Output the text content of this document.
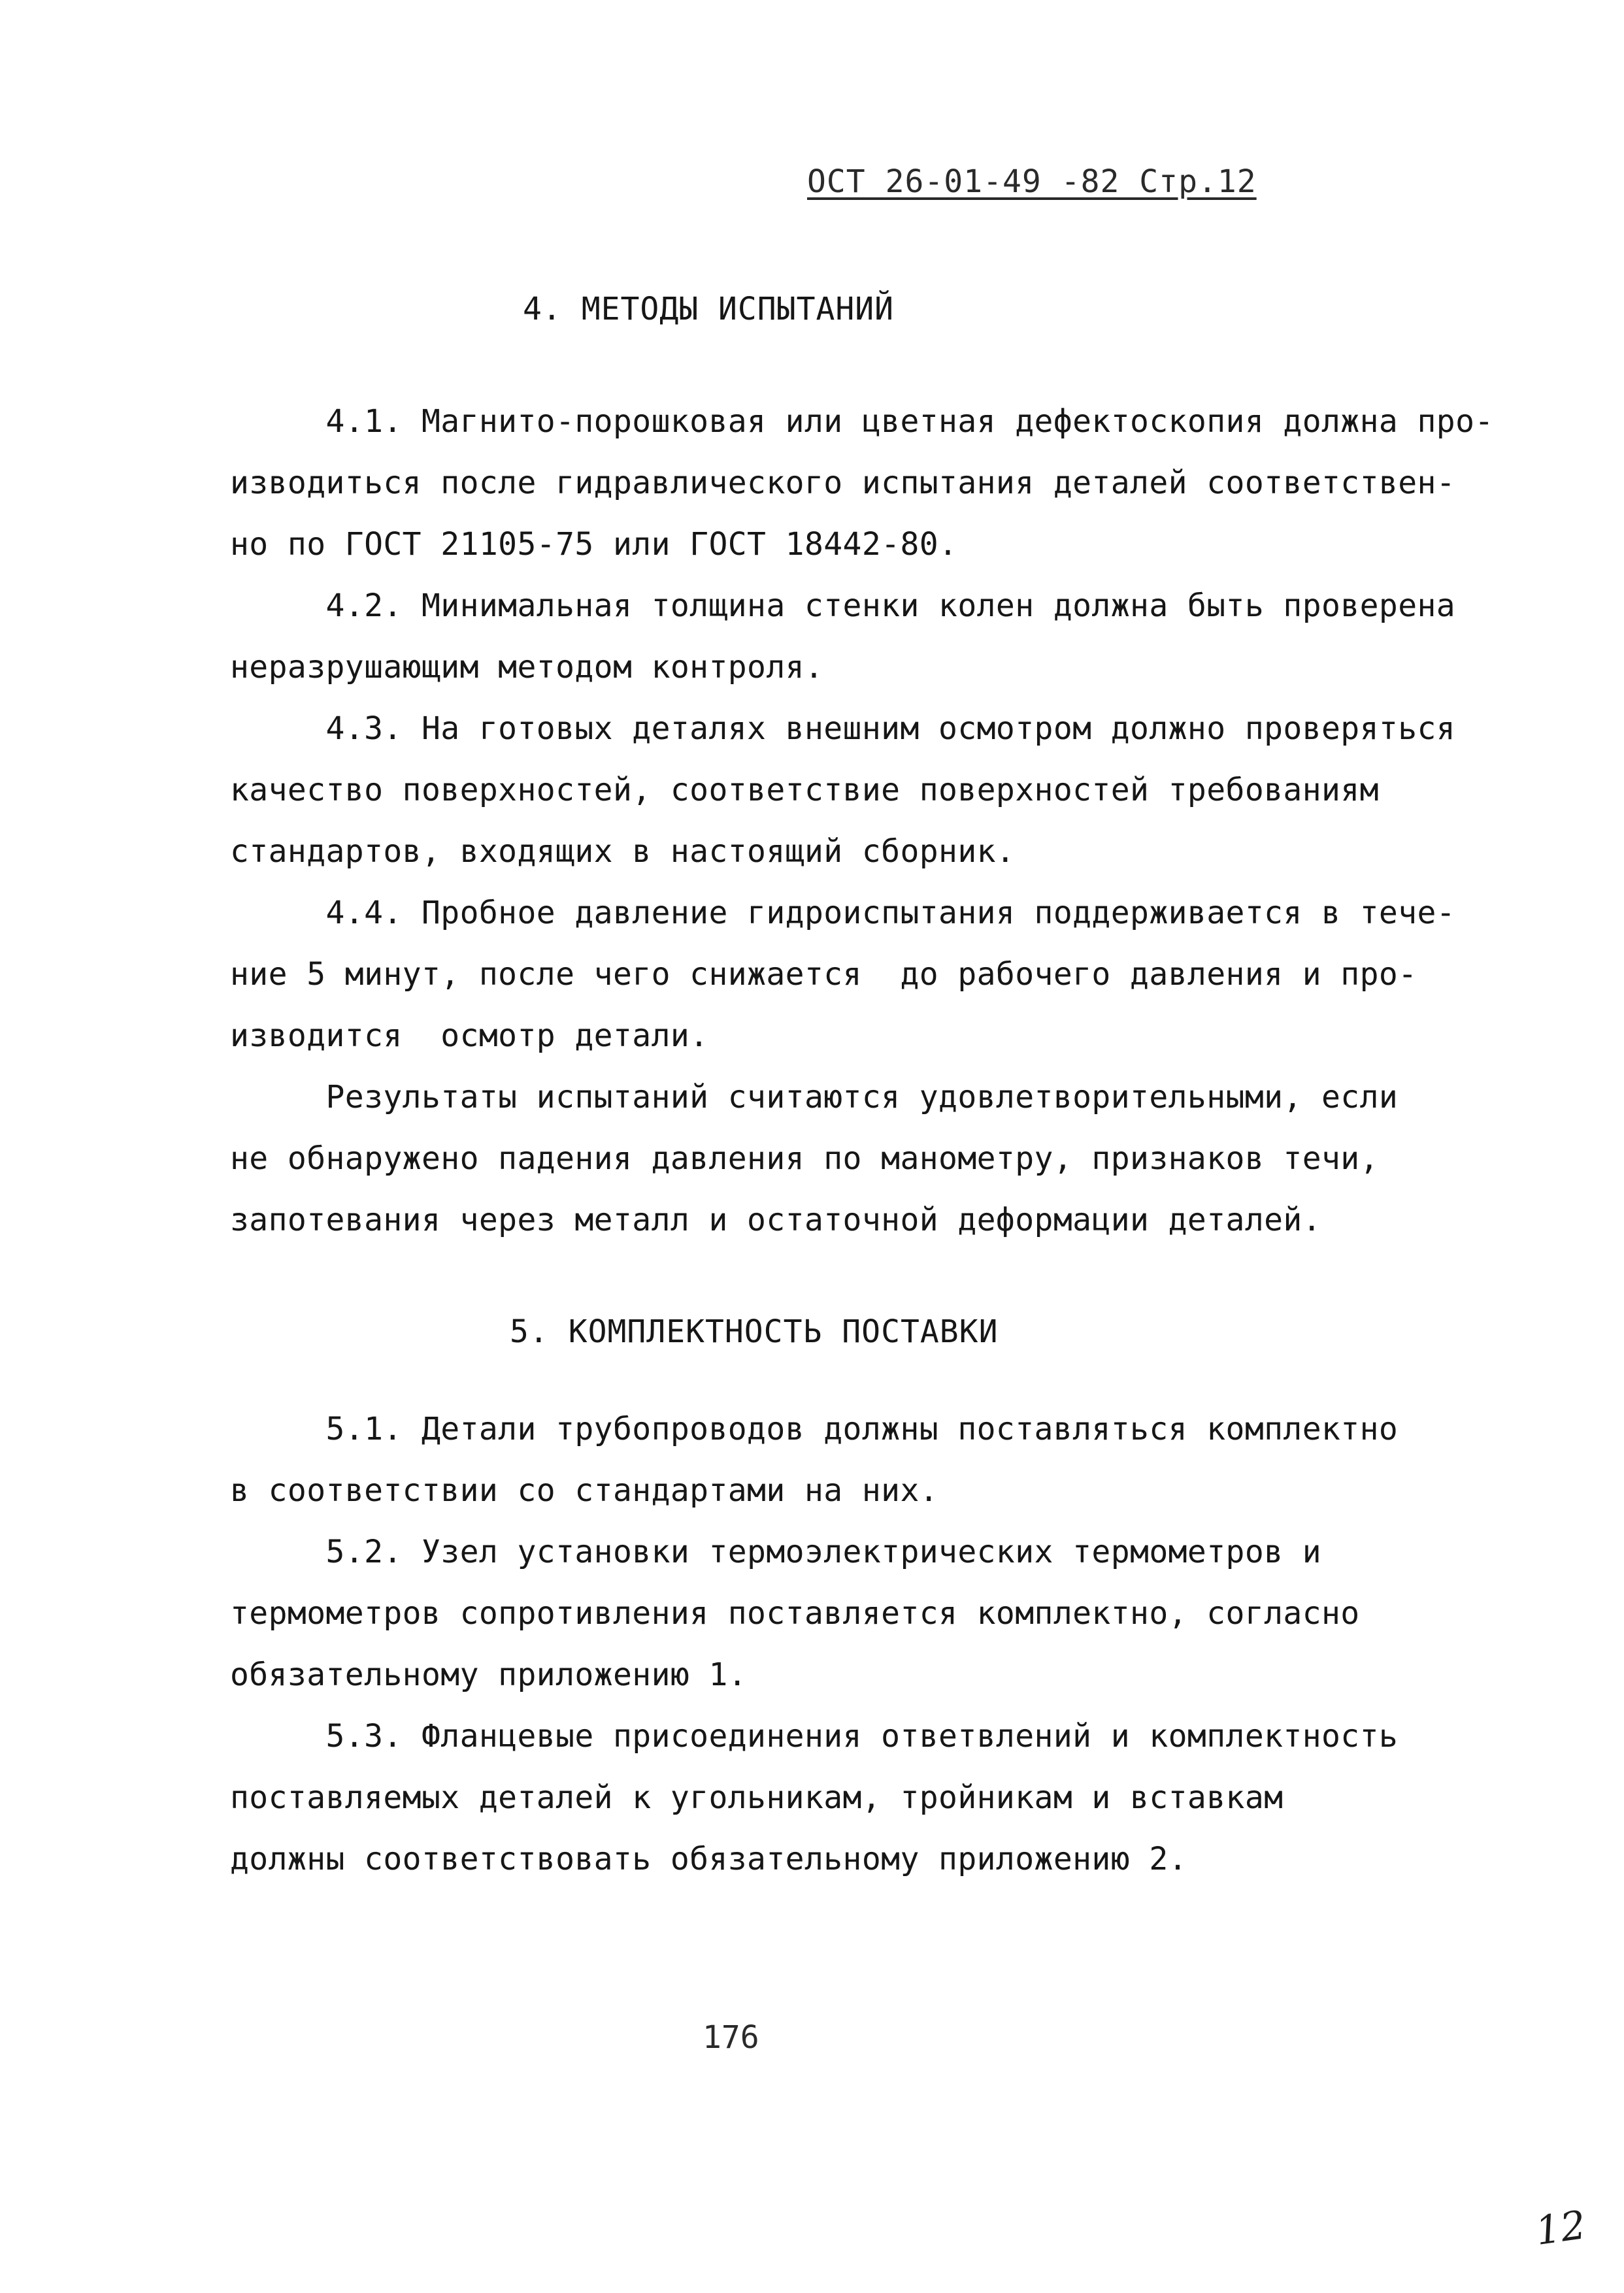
ОСТ 26-01-49 -82 Стр.12
4. МЕТОДЫ ИСПЫТАНИЙ
4.1. Магнито-порошковая или цветная дефектоскопия должна про-
изводиться после гидравлического испытания деталей соответствен-
но по ГОСТ 21105-75 или ГОСТ 18442-80.
4.2. Минимальная толщина стенки колен должна быть проверена
неразрушающим методом контроля.
4.3. На готовых деталях внешним осмотром должно проверяться
качество поверхностей, соответствие поверхностей требованиям
стандартов, входящих в настоящий сборник.
4.4. Пробное давление гидроиспытания поддерживается в тече-
ние 5 минут, после чего снижается  до рабочего давления и про-
изводится  осмотр детали.
Результаты испытаний считаются удовлетворительными, если
не обнаружено падения давления по манометру, признаков течи,
запотевания через металл и остаточной деформации деталей.
5. КОМПЛЕКТНОСТЬ ПОСТАВКИ
5.1. Детали трубопроводов должны поставляться комплектно
в соответствии со стандартами на них.
5.2. Узел установки термоэлектрических термометров и
термометров сопротивления поставляется комплектно, согласно
обязательному приложению 1.
5.3. Фланцевые присоединения ответвлений и комплектность
поставляемых деталей к угольникам, тройникам и вставкам
должны соответствовать обязательному приложению 2.
176
12
